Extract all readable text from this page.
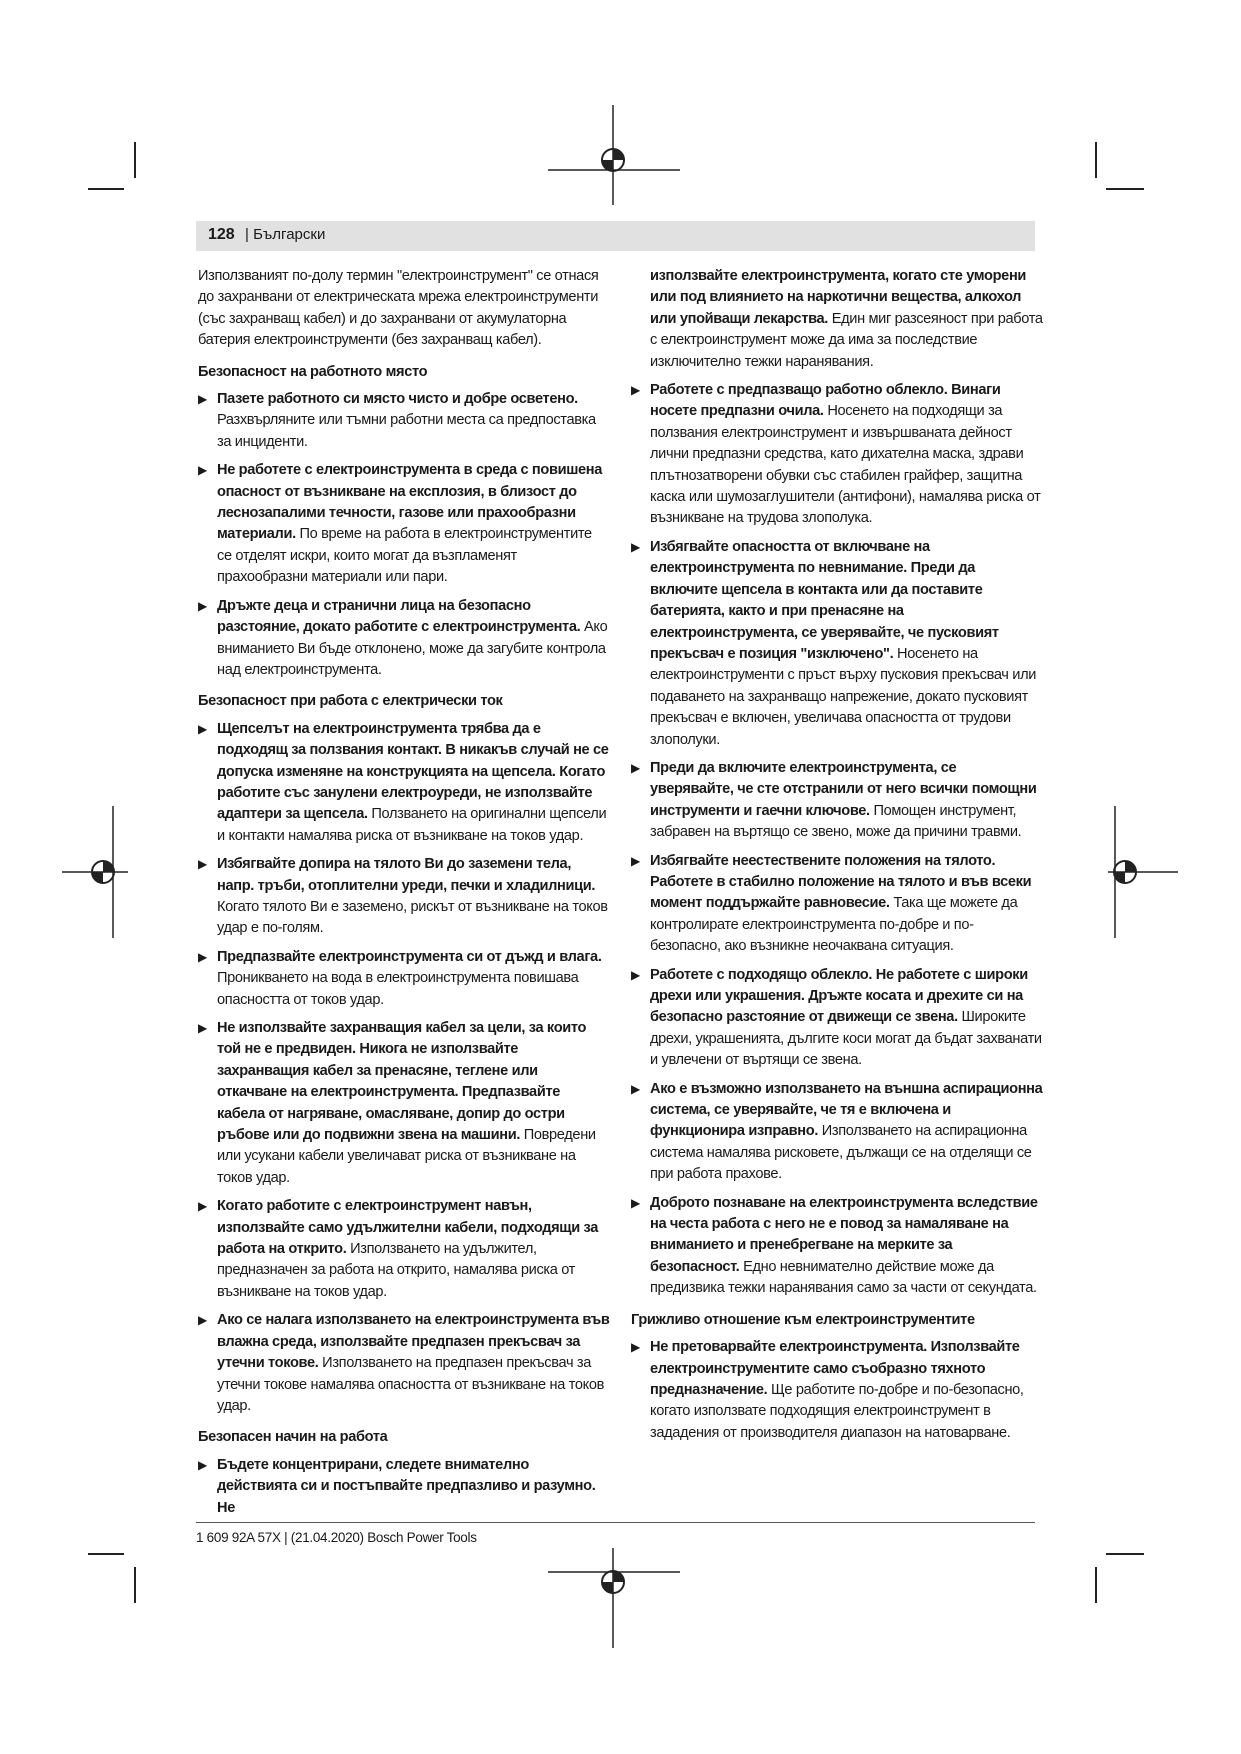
128 | Български

Използваният по-долу термин "електроинструмент" се отнася до захранвани от електрическата мрежа електроинструменти (със захранващ кабел) и до захранвани от акумулаторна батерия електроинструменти (без захранващ кабел).

Безопасност на работното място

▶ Пазете работното си място чисто и добре осветено. Разхвърляните или тъмни работни места са предпоставка за инциденти.

▶ Не работете с електроинструмента в среда с повишена опасност от възникване на експлозия, в близост до леснозапалими течности, газове или прахообразни материали. По време на работа в електроинструментите се отделят искри, които могат да възпламенят прахообразни материали или пари.

▶ Дръжте деца и странични лица на безопасно разстояние, докато работите с електроинструмента. Ако вниманието Ви бъде отклонено, може да загубите контрола над електроинструмента.

Безопасност при работа с електрически ток

▶ Щепселът на електроинструмента трябва да е подходящ за ползвания контакт. В никакъв случай не се допуска изменяне на конструкцията на щепсела. Когато работите със занулени електроуреди, не използвайте адаптери за щепсела. Ползването на оригинални щепсели и контакти намалява риска от възникване на токов удар.

▶ Избягвайте допира на тялото Ви до заземени тела, напр. тръби, отоплителни уреди, печки и хладилници. Когато тялото Ви е заземено, рискът от възникване на токов удар е по-голям.

▶ Предпазвайте електроинструмента си от дъжд и влага. Проникването на вода в електроинструмента повишава опасността от токов удар.

▶ Не използвайте захранващия кабел за цели, за които той не е предвиден. Никога не използвайте захранващия кабел за пренасяне, теглене или откачване на електроинструмента. Предпазвайте кабела от нагряване, омасляване, допир до остри ръбове или до подвижни звена на машини. Повредени или усукани кабели увеличават риска от възникване на токов удар.

▶ Когато работите с електроинструмент навън, използвайте само удължителни кабели, подходящи за работа на открито. Използването на удължител, предназначен за работа на открито, намалява риска от възникване на токов удар.

▶ Ако се налага използването на електроинструмента във влажна среда, използвайте предпазен прекъсвач за утечни токове. Използването на предпазен прекъсвач за утечни токове намалява опасността от възникване на токов удар.

Безопасен начин на работа

▶ Бъдете концентрирани, следете внимателно действията си и постъпвайте предпазливо и разумно. Не

използвайте електроинструмента, когато сте уморени или под влиянието на наркотични вещества, алкохол или упойващи лекарства. Един миг разсеяност при работа с електроинструмент може да има за последствие изключително тежки наранявания.

▶ Работете с предпазващо работно облекло. Винаги носете предпазни очила. Носенето на подходящи за ползвания електроинструмент и извършваната дейност лични предпазни средства, като дихателна маска, здрави плътнозатворени обувки със стабилен грайфер, защитна каска или шумозаглушители (антифони), намалява риска от възникване на трудова злополука.

▶ Избягвайте опасността от включване на електроинструмента по невнимание. Преди да включите щепсела в контакта или да поставите батерията, както и при пренасяне на електроинструмента, се уверявайте, че пусковият прекъсвач е позиция "изключено". Носенето на електроинструменти с пръст върху пусковия прекъсвач или подаването на захранващо напрежение, докато пусковият прекъсвач е включен, увеличава опасността от трудови злополуки.

▶ Преди да включите електроинструмента, се уверявайте, че сте отстранили от него всички помощни инструменти и гаечни ключове. Помощен инструмент, забравен на въртящо се звено, може да причини травми.

▶ Избягвайте неестествените положения на тялото. Работете в стабилно положение на тялото и във всеки момент поддържайте равновесие. Така ще можете да контролирате електроинструмента по-добре и по-безопасно, ако възникне неочаквана ситуация.

▶ Работете с подходящо облекло. Не работете с широки дрехи или украшения. Дръжте косата и дрехите си на безопасно разстояние от движещи се звена. Широките дрехи, украшенията, дългите коси могат да бъдат захванати и увлечени от въртящи се звена.

▶ Ако е възможно използването на външна аспирационна система, се уверявайте, че тя е включена и функционира изправно. Използването на аспирационна система намалява рисковете, дължащи се на отделящи се при работа прахове.

▶ Доброто познаване на електроинструмента вследствие на честа работа с него не е повод за намаляване на вниманието и пренебрегване на мерките за безопасност. Едно невнимателно действие може да предизвика тежки наранявания само за части от секундата.

Грижливо отношение към електроинструментите

▶ Не претоварвайте електроинструмента. Използвайте електроинструментите само съобразно тяхното предназначение. Ще работите по-добре и по-безопасно, когато използвате подходящия електроинструмент в зададения от производителя диапазон на натоварване.

1 609 92A 57X | (21.04.2020) Bosch Power Tools
